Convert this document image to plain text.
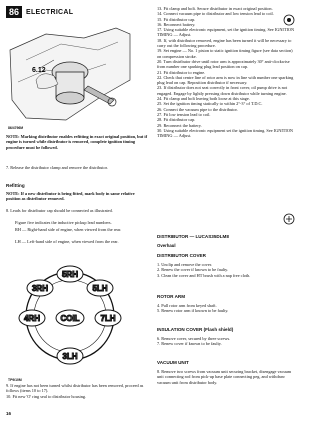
86	ELECTRICAL
6.12
86/4796M
NOTE: Marking distributor enables refitting in exact original position, but if engine is turned while distributor is removed, complete ignition timing procedure must be followed.
7. Release the distributor clamp and remove the distributor.
Refitting
NOTE: If a new distributor is being fitted, mark body in same relative position as distributor removed.
8. Leads for distributor cap should be connected as illustrated.
Figure five indicates the inductive pickup lead numbers.
RH — Right-hand side of engine, when viewed from the rear.
LH — Left-hand side of engine, when viewed from the rear.
9. If engine has not been turned whilst distributor has been removed, proceed as follows (items 10 to 17).
10. Fit new 'O' ring seal to distributor housing.
5RH
5LH
3RH
4RH	COIL	7LH
3LH
TP9/10M
13. Fit clamp and bolt. Secure distributor in exact original position.
14. Connect vacuum pipe to distributor and low tension lead to coil.
15. Fit distributor cap.
16. Reconnect battery.
17. Using suitable electronic equipment, set the ignition timing. See IGNITION TIMING — Adjust.
18. If, with distributor removed, engine has been turned it will be necessary to carry out the following procedure.
19. Set engine — No. 1 piston to static ignition timing figure (see data section) on compression stroke.
20. Turn distributor drive until rotor arm is approximately 30° anti-clockwise from number one sparking plug lead position on cap.
21. Fit distributor to engine.
22. Check that centre line of rotor arm is now in line with number one sparking plug lead on cap. Reposition distributor if necessary.
23. If distributor does not seat correctly in front cover, oil pump drive is not engaged. Engage by lightly pressing down distributor while turning engine.
24. Fit clamp and bolt leaving both loose at this stage.
25. Set the ignition timing statically to within 2°-3° of T.D.C.
26. Connect the vacuum pipe to the distributor.
27. Fit low tension lead to coil.
28. Fit distributor cap.
29. Reconnect the battery.
30. Using suitable electronic equipment set the ignition timing. See IGNITION TIMING — Adjust.
DISTRIBUTOR — LUCAS35DLM8
Overhaul
DISTRIBUTOR COVER
1. Unclip and remove the cover.
2. Renew the cover if known to be faulty.
3. Clean the cover and HT brush with a nap free cloth.
ROTOR ARM
4. Pull rotor arm from keyed shaft.
5. Renew rotor arm if known to be faulty.
INSULATION COVER (Flash shield)
6. Remove cover, secured by three screws.
7. Renew cover if known to be faulty.
VACUUM UNIT
8. Remove two screws from vacuum unit securing bracket, disengage vacuum unit connecting rod from pick-up base plate connecting peg, and withdraw vacuum unit from distributor body.
16
